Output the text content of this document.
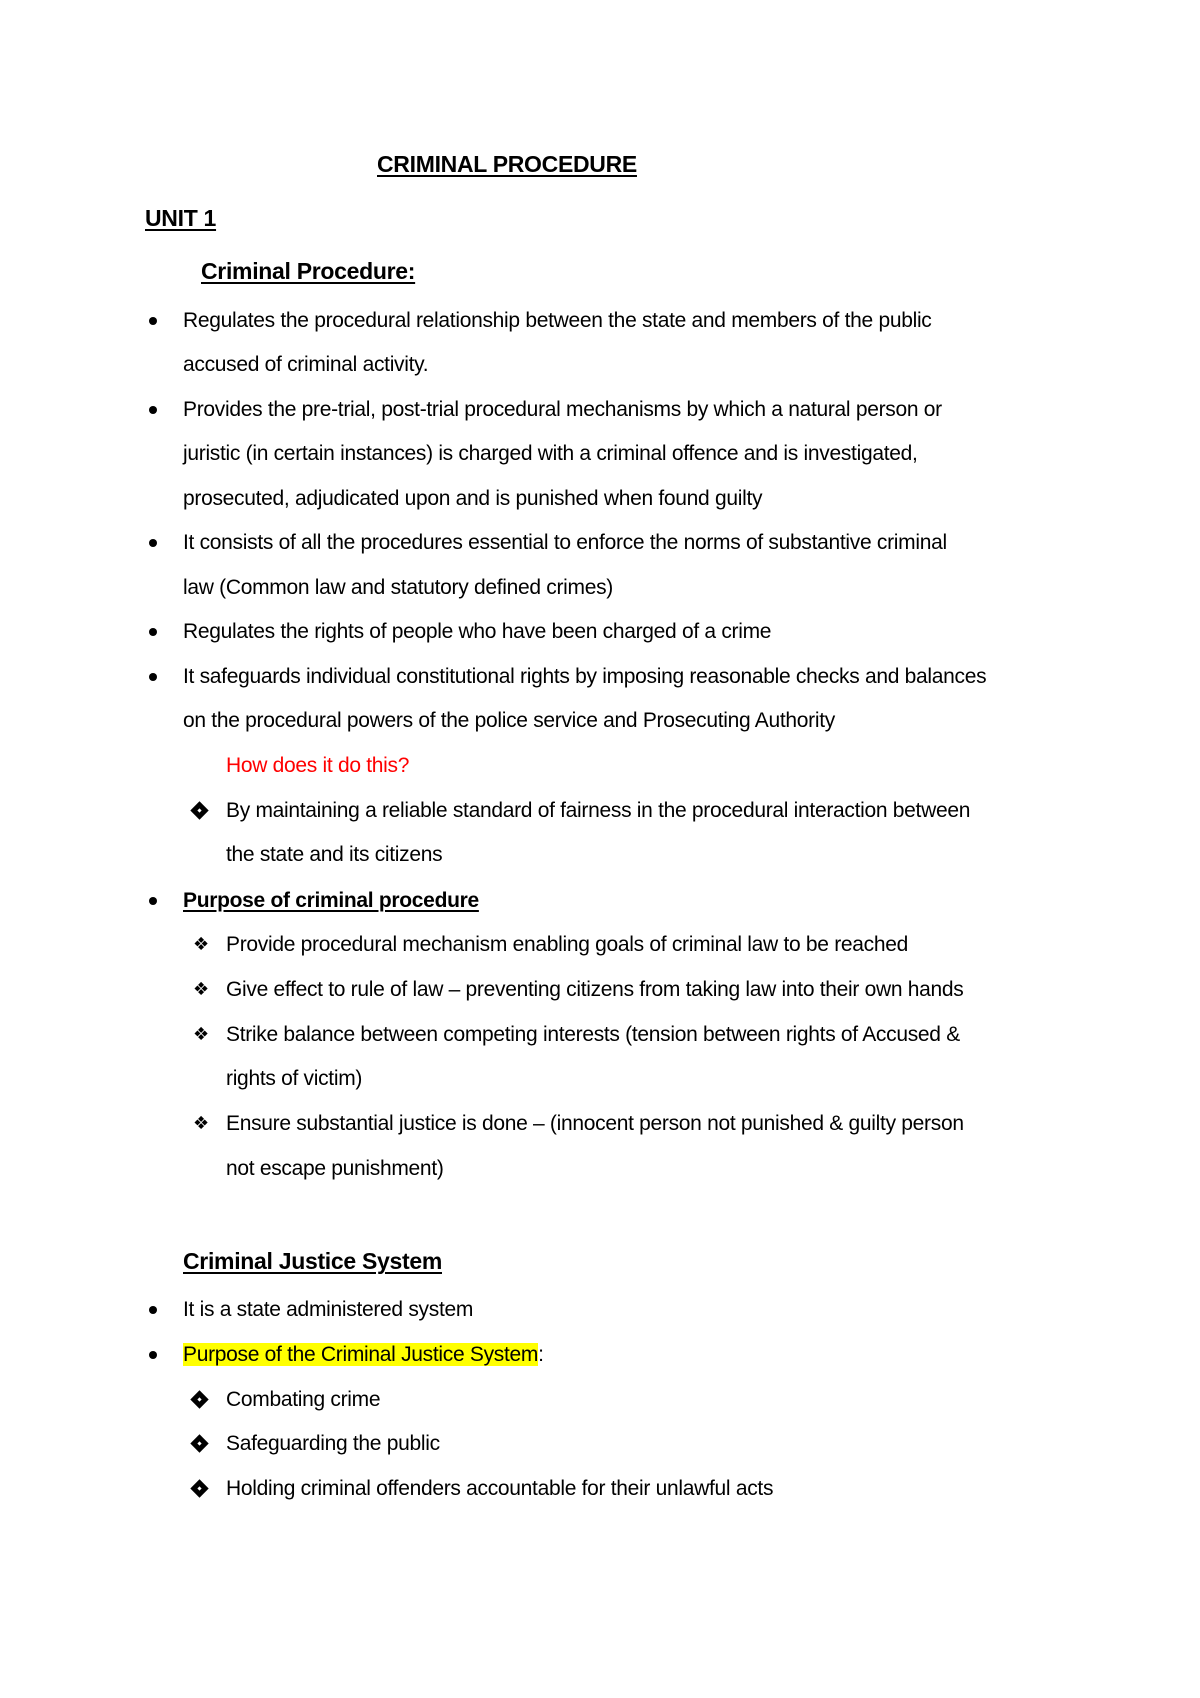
CRIMINAL PROCEDURE
UNIT 1
Criminal Procedure:
Regulates the procedural relationship between the state and members of the public
accused of criminal activity.
Provides the pre-trial, post-trial procedural mechanisms by which a natural person or
juristic (in certain instances) is charged with a criminal offence and is investigated,
prosecuted, adjudicated upon and is punished when found guilty
It consists of all the procedures essential to enforce the norms of substantive criminal
law (Common law and statutory defined crimes)
Regulates the rights of people who have been charged of a crime
It safeguards individual constitutional rights by imposing reasonable checks and balances
on the procedural powers of the police service and Prosecuting Authority
How does it do this?
By maintaining a reliable standard of fairness in the procedural interaction between
the state and its citizens
Purpose of criminal procedure
❖ Provide procedural mechanism enabling goals of criminal law to be reached
❖ Give effect to rule of law – preventing citizens from taking law into their own hands
❖ Strike balance between competing interests (tension between rights of Accused &
rights of victim)
❖ Ensure substantial justice is done – (innocent person not punished & guilty person
not escape punishment)
Criminal Justice System
It is a state administered system
Purpose of the Criminal Justice System:
Combating crime
Safeguarding the public
Holding criminal offenders accountable for their unlawful acts
